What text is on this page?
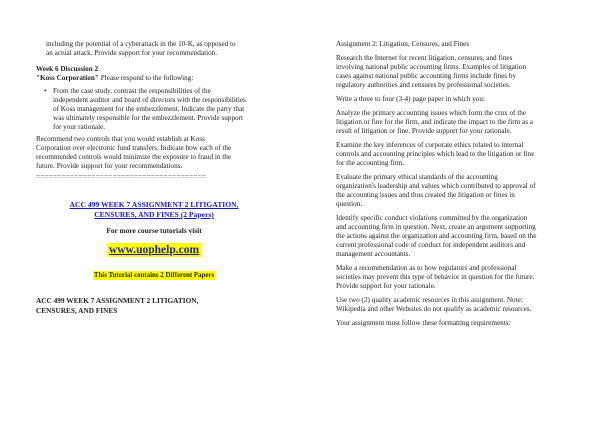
including the potential of a cyberattack in the 10-K, as opposed to

an actual attack. Provide support for your recommendation.

Week 6 Discussion 2

"Koss Corporation" Please respond to the following:

• From the case study, contrast the responsibilities of the

independent auditor and board of directors with the responsibilities

of Koss management for the embezzlement. Indicate the party that

was ultimately responsible for the embezzlement. Provide support

for your rationale.

Recommend two controls that you would establish at Koss

Corporation over electronic fund transfers. Indicate how each of the

recommended controls would minimize the exposure to fraud in the

future. Provide support for your recommendations.

========================================

ACC 499 WEEK 7 ASSIGNMENT 2 LITIGATION,
CENSURES, AND FINES (2 Papers)

For more course tutorials visit

www.uophelp.com
This Tutorial contains 2 Different Papers
ACC 499 WEEK 7 ASSIGNMENT 2 LITIGATION,
CENSURES, AND FINES

Assignment 2: Litigation, Censures, and Fines

Research the Internet for recent litigation, censures, and fines

involving national public accounting firms. Examples of litigation

cases against national public accounting firms include fines by

regulatory authorities and censures by professional societies.

Write a three to four (3-4) page paper in which you:

Analyze the primary accounting issues which form the crux of the

litigation or fine for the firm, and indicate the impact to the firm as a

result of litigation or fine. Provide support for your rationale.

Examine the key inferences of corporate ethics related to internal

controls and accounting principles which lead to the litigation or fine

for the accounting firm.

Evaluate the primary ethical standards of the accounting

organization's leadership and values which contributed to approval of

the accounting issues and thus created the litigation or fines in

question.

Identify specific conduct violations committed by the organization

and accounting firm in question. Next, create an argument supporting

the actions against the organization and accounting firm, based on the

current professional code of conduct for independent auditors and

management accountants.

Make a recommendation as to how regulators and professional

societies may prevent this type of behavior in question for the future.

Provide support for your rationale.

Use two (2) quality academic resources in this assignment. Note:

Wikipedia and other Websites do not qualify as academic resources.

Your assignment must follow these formatting requirements:
